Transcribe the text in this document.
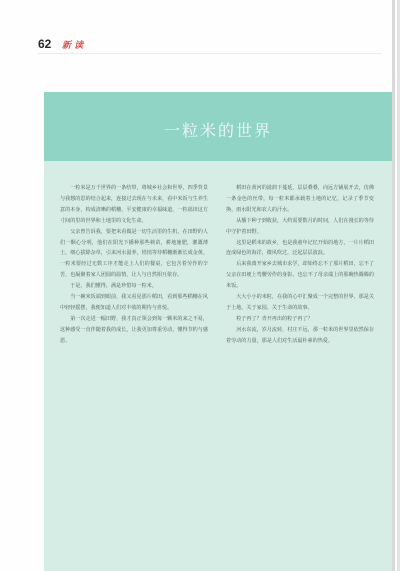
62 新 读
一粒米的世界

一粒米是万千世界的一条结带，将城乡社会和世界，四季背景与我想的思的结合起来，连接过去现在与未来，看中米饭与生养生意的本身，构成清晰的稻穗，平安健康的幸福味道，一粒福田这方寸间的里的世界和土地里的文化生命。

父亲曾告诉我，要把米看做是一切生活里的生机，在田野的人们一颗心分明，他们在阳光下播种那些秧苗，耕地施肥，灌溉薄土，细心拔除杂草，引来河水滋养，悄悄等待稻穗渐渐长成金黄。一粒米要经过无数工序才能走上人们的餐桌，它包含着劳作的辛苦，也凝聚着家人团圆的温情，让人与自然相互依存。

于是，我们懂得，满是珍惜每一粒米。

当一碗米饭端到眼前，我又看见那片稻田，看到那些稻穗在风中轻轻摇摆，我便知道人们对丰收的期待与喜悦。

第一次走进一幅田野，我才真正领会到每一颗米的来之不易，这种感受一直伴随着我的成长，让我更加尊重劳动，懂得节约与感恩。

稻田在黄河的滋润下蔓延，层层叠叠，向远方铺展开去，仿佛一条金色的丝带。每一粒米都承载着土地的记忆，记录了季节变换、雨水阳光和农人的汗水。

从播下种子到收获，大约需要数月的时间，人们在漫长的等待中守护着田野。

这里是稻米的故乡，也是我童年记忆开始的地方，一片片稻田连成绿色的海洋，微风吹过，泛起层层波浪。

后来我离开家乡去城市求学，却始终忘不了那片稻田，忘不了父亲在田埂上弯腰劳作的身影，也忘不了母亲端上的那碗热腾腾的米饭。

大大小小的米粒，在我的心中汇聚成一个完整的世界，那是关于土地、关于家园、关于生命的故事。

粒子再了？青开再出的粒子再了？

河水东流，岁月流转，村庄不远，那一粒米的世界里依然保存着劳动的力量，那是人们对生活最朴素的热爱。
